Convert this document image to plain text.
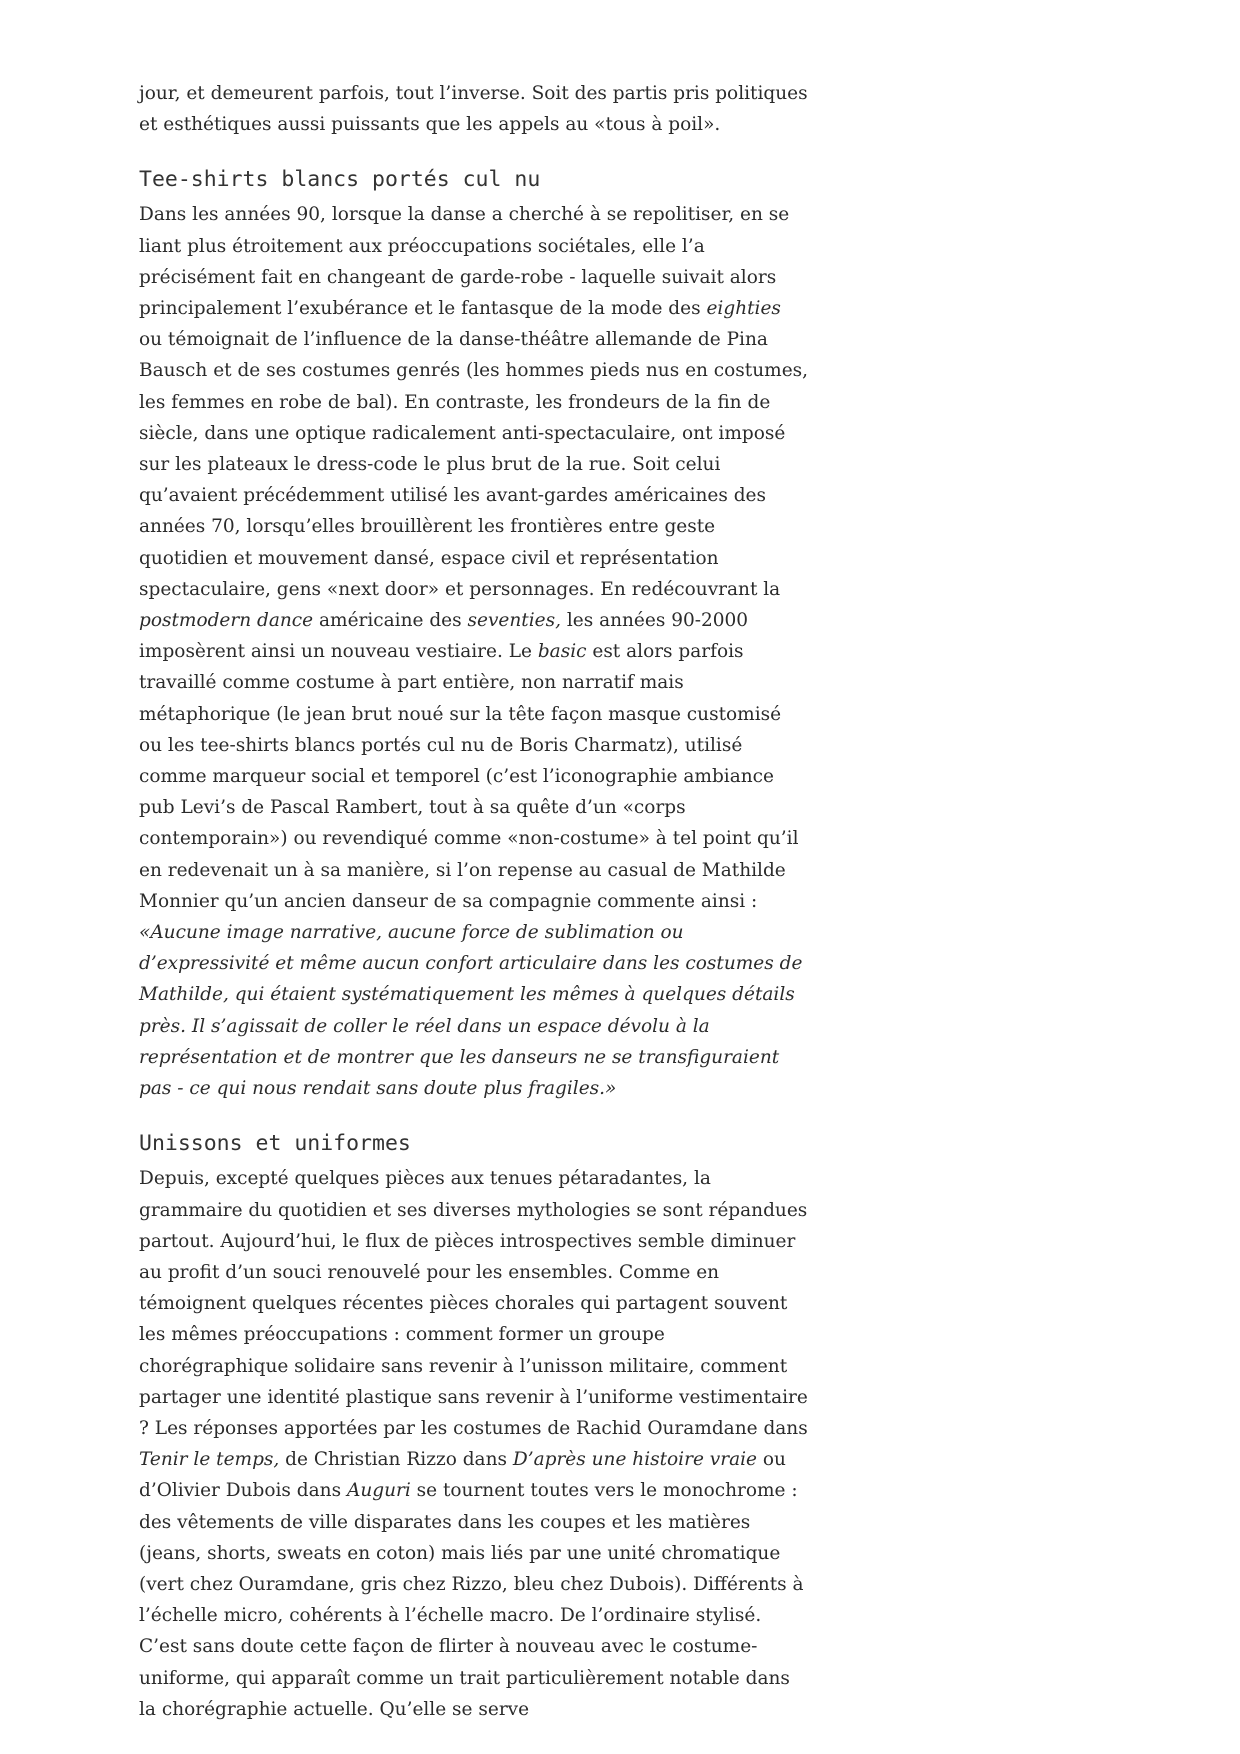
jour, et demeurent parfois, tout l’inverse. Soit des partis pris politiques et esthétiques aussi puissants que les appels au «tous à poil».

Tee-shirts blancs portés cul nu

Dans les années 90, lorsque la danse a cherché à se repolitiser, en se liant plus étroitement aux préoccupations sociétales, elle l’a précisément fait en changeant de garde-robe - laquelle suivait alors principalement l’exubérance et le fantasque de la mode des eighties ou témoignait de l’influence de la danse-théâtre allemande de Pina Bausch et de ses costumes genrés (les hommes pieds nus en costumes, les femmes en robe de bal). En contraste, les frondeurs de la fin de siècle, dans une optique radicalement anti-spectaculaire, ont imposé sur les plateaux le dress-code le plus brut de la rue. Soit celui qu’avaient précédemment utilisé les avant-gardes américaines des années 70, lorsqu’elles brouillèrent les frontières entre geste quotidien et mouvement dansé, espace civil et représentation spectaculaire, gens «next door» et personnages. En redécouvrant la postmodern dance américaine des seventies, les années 90-2000 imposèrent ainsi un nouveau vestiaire. Le basic est alors parfois travaillé comme costume à part entière, non narratif mais métaphorique (le jean brut noué sur la tête façon masque customisé ou les tee-shirts blancs portés cul nu de Boris Charmatz), utilisé comme marqueur social et temporel (c’est l’iconographie ambiance pub Levi’s de Pascal Rambert, tout à sa quête d’un «corps contemporain») ou revendiqué comme «non-costume» à tel point qu’il en redevenait un à sa manière, si l’on repense au casual de Mathilde Monnier qu’un ancien danseur de sa compagnie commente ainsi : «Aucune image narrative, aucune force de sublimation ou d’expressivité et même aucun confort articulaire dans les costumes de Mathilde, qui étaient systématiquement les mêmes à quelques détails près. Il s’agissait de coller le réel dans un espace dévolu à la représentation et de montrer que les danseurs ne se transfiguraient pas - ce qui nous rendait sans doute plus fragiles.»

Unissons et uniformes

Depuis, excepté quelques pièces aux tenues pétaradantes, la grammaire du quotidien et ses diverses mythologies se sont répandues partout. Aujourd’hui, le flux de pièces introspectives semble diminuer au profit d’un souci renouvelé pour les ensembles. Comme en témoignent quelques récentes pièces chorales qui partagent souvent les mêmes préoccupations : comment former un groupe chorégraphique solidaire sans revenir à l’unisson militaire, comment partager une identité plastique sans revenir à l’uniforme vestimentaire ? Les réponses apportées par les costumes de Rachid Ouramdane dans Tenir le temps, de Christian Rizzo dans D’après une histoire vraie ou d’Olivier Dubois dans Auguri se tournent toutes vers le monochrome : des vêtements de ville disparates dans les coupes et les matières (jeans, shorts, sweats en coton) mais liés par une unité chromatique (vert chez Ouramdane, gris chez Rizzo, bleu chez Dubois). Différents à l’échelle micro, cohérents à l’échelle macro. De l’ordinaire stylisé. C’est sans doute cette façon de flirter à nouveau avec le costume-uniforme, qui apparaît comme un trait particulièrement notable dans la chorégraphie actuelle. Qu’elle se serve
